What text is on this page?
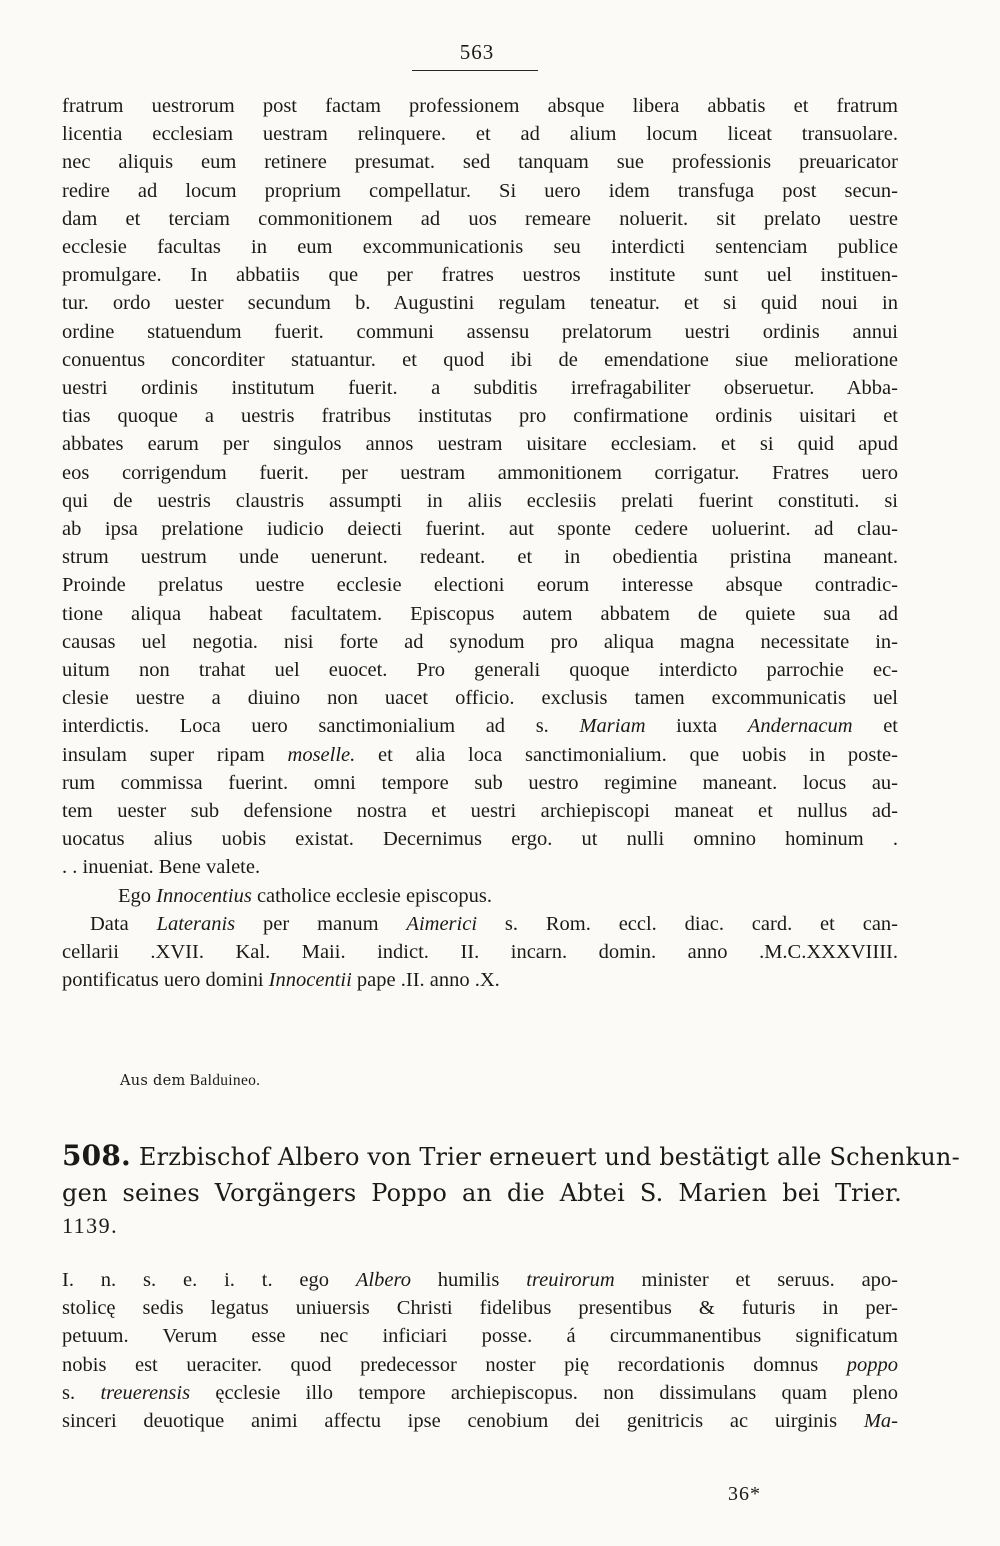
563
fratrum uestrorum post factam professionem absque libera abbatis et fratrum
licentia ecclesiam uestram relinquere. et ad alium locum liceat transuolare.
nec aliquis eum retinere presumat. sed tanquam sue professionis preuaricator
redire ad locum proprium compellatur. Si uero idem transfuga post secun-
dam et terciam commonitionem ad uos remeare noluerit. sit prelato uestre
ecclesie facultas in eum excommunicationis seu interdicti sentenciam publice
promulgare. In abbatiis que per fratres uestros institute sunt uel instituen-
tur. ordo uester secundum b. Augustini regulam teneatur. et si quid noui in
ordine statuendum fuerit. communi assensu prelatorum uestri ordinis annui
conuentus concorditer statuantur. et quod ibi de emendatione siue melioratione
uestri ordinis institutum fuerit. a subditis irrefragabiliter obseruetur. Abba-
tias quoque a uestris fratribus institutas pro confirmatione ordinis uisitari et
abbates earum per singulos annos uestram uisitare ecclesiam. et si quid apud
eos corrigendum fuerit. per uestram ammonitionem corrigatur. Fratres uero
qui de uestris claustris assumpti in aliis ecclesiis prelati fuerint constituti. si
ab ipsa prelatione iudicio deiecti fuerint. aut sponte cedere uoluerint. ad clau-
strum uestrum unde uenerunt. redeant. et in obedientia pristina maneant.
Proinde prelatus uestre ecclesie electioni eorum interesse absque contradic-
tione aliqua habeat facultatem. Episcopus autem abbatem de quiete sua ad
causas uel negotia. nisi forte ad synodum pro aliqua magna necessitate in-
uitum non trahat uel euocet. Pro generali quoque interdicto parrochie ec-
clesie uestre a diuino non uacet officio. exclusis tamen excommunicatis uel
interdictis. Loca uero sanctimonialium ad s. Mariam iuxta Andernacum et
insulam super ripam moselle. et alia loca sanctimonialium. que uobis in poste-
rum commissa fuerint. omni tempore sub uestro regimine maneant. locus au-
tem uester sub defensione nostra et uestri archiepiscopi maneat et nullus ad-
uocatus alius uobis existat. Decernimus ergo. ut nulli omnino hominum .
. . inueniat. Bene valete.
Ego Innocentius catholice ecclesie episcopus.
Data Lateranis per manum Aimerici s. Rom. eccl. diac. card. et can-
cellarii .XVII. Kal. Maii. indict. II. incarn. domin. anno .M.C.XXXVIIII.
pontificatus uero domini Innocentii pape .II. anno .X.
Aus dem Balduineo.
508. Erzbischof Albero von Trier erneuert und bestätigt alle Schenkun-
gen seines Vorgängers Poppo an die Abtei S. Marien bei Trier.
1139.
I. n. s. e. i. t. ego Albero humilis treuirorum minister et seruus. apo-
stolicę sedis legatus uniuersis Christi fidelibus presentibus & futuris in per-
petuum. Verum esse nec inficiari posse. á circummanentibus significatum
nobis est ueraciter. quod predecessor noster pię recordationis domnus poppo
s. treuerensis ęcclesie illo tempore archiepiscopus. non dissimulans quam pleno
sinceri deuotique animi affectu ipse cenobium dei genitricis ac uirginis Ma-
36*
